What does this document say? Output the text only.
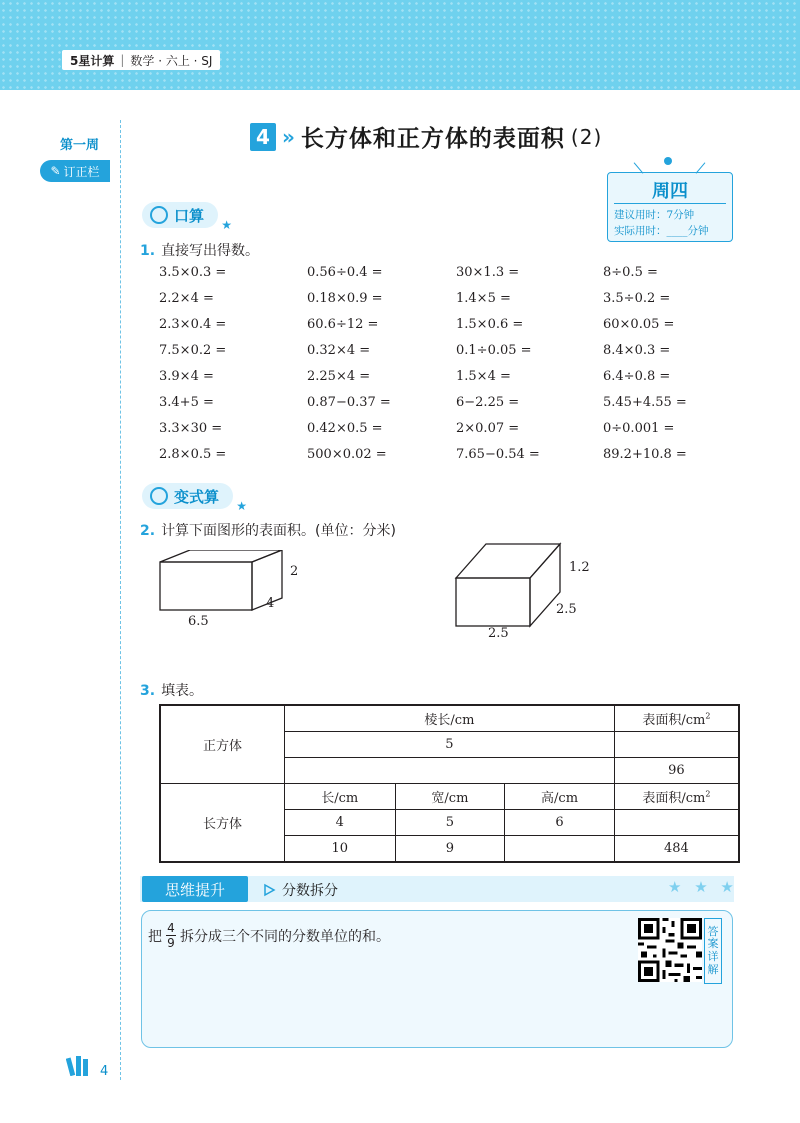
5星计算 | 数学 · 六上 · SJ
第一周
✎ 订正栏
4 » 长方体和正方体的表面积 (2)
周四
建议用时：7分钟
实际用时：____分钟
口算
★
1. 直接写出得数。
3.5×0.3 =	0.56÷0.4 =	30×1.3 =	8÷0.5 =
2.2×4 =	0.18×0.9 =	1.4×5 =	3.5÷0.2 =
2.3×0.4 =	60.6÷12 =	1.5×0.6 =	60×0.05 =
7.5×0.2 =	0.32×4 =	0.1÷0.05 =	8.4×0.3 =
3.9×4 =	2.25×4 =	1.5×4 =	6.4÷0.8 =
3.4+5 =	0.87−0.37 =	6−2.25 =	5.45+4.55 =
3.3×30 =	0.42×0.5 =	2×0.07 =	0÷0.001 =
2.8×0.5 =	500×0.02 =	7.65−0.54 =	89.2+10.8 =
变式算
★
2. 计算下面图形的表面积。(单位：分米)
2
4
6.5
1.2
2.5
2.5
3. 填表。
正方体	棱长/cm			表面积$/cm^2$
	5			
				96
长方体	长/cm	宽/cm	高/cm	表面积$/cm^2$
	4	5	6	
	10	9		484
思维提升	分数拆分	★ ★ ★
把 $\frac{4}{9}$ 拆分成三个不同的分数单位的和。	答
案
详
解
4
